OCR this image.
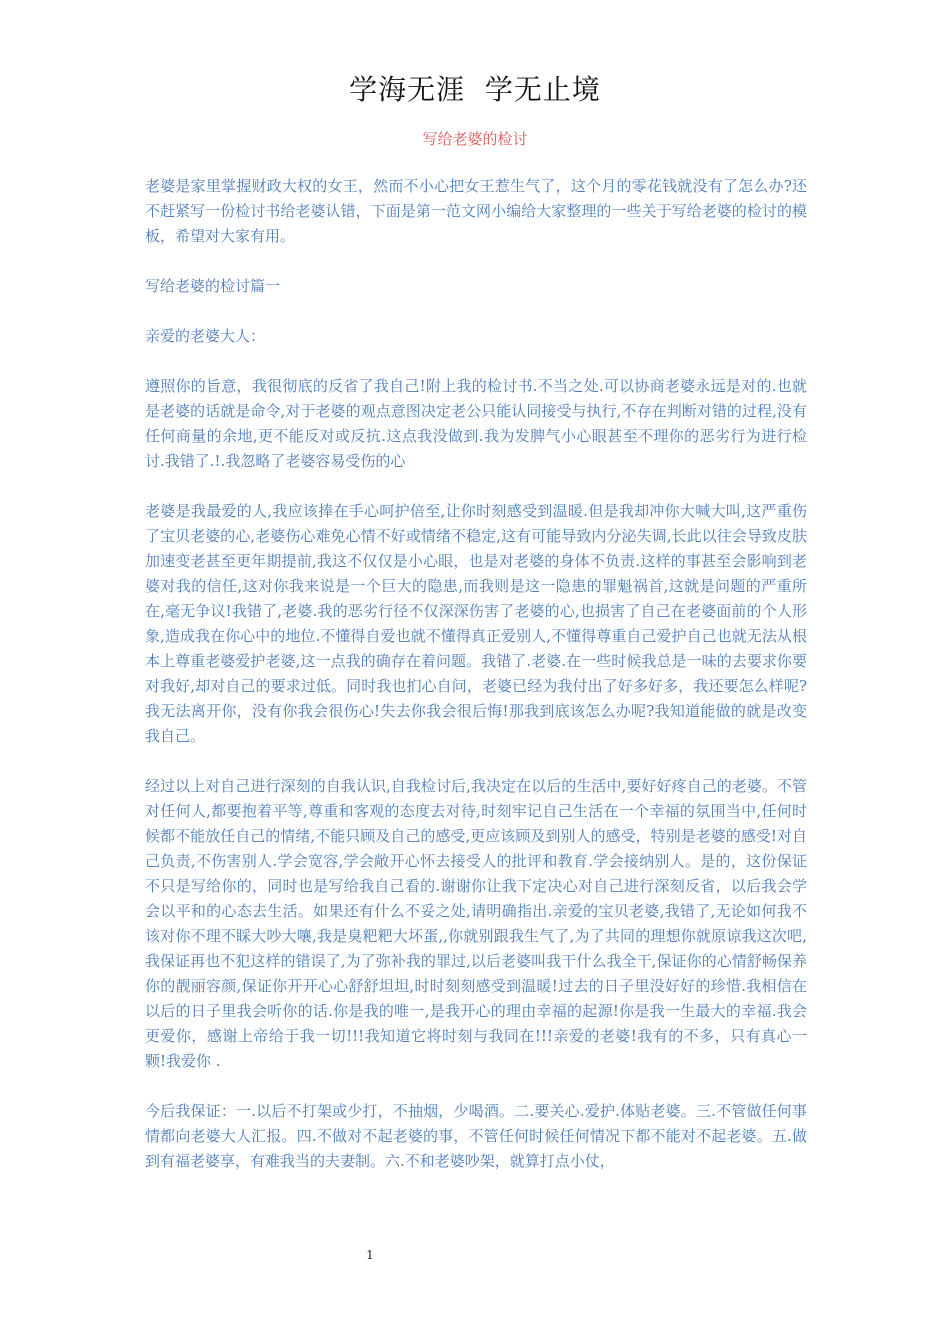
学海无涯  学无止境
写给老婆的检讨

老婆是家里掌握财政大权的女王，然而不小心把女王惹生气了，这个月的零花钱就没有了怎么办?还不赶紧写一份检讨书给老婆认错，下面是第一范文网小编给大家整理的一些关于写给老婆的检讨的模板，希望对大家有用。

写给老婆的检讨篇一

亲爱的老婆大人：

遵照你的旨意，我很彻底的反省了我自己!附上我的检讨书.不当之处.可以协商老婆永远是对的.也就是老婆的话就是命令,对于老婆的观点意图决定老公只能认同接受与执行,不存在判断对错的过程,没有任何商量的余地,更不能反对或反抗.这点我没做到.我为发脾气小心眼甚至不理你的恶劣行为进行检讨.我错了.!.我忽略了老婆容易受伤的心

老婆是我最爱的人,我应该捧在手心呵护倍至,让你时刻感受到温暖.但是我却冲你大喊大叫,这严重伤了宝贝老婆的心,老婆伤心难免心情不好或情绪不稳定,这有可能导致内分泌失调,长此以往会导致皮肤加速变老甚至更年期提前,我这不仅仅是小心眼，也是对老婆的身体不负责.这样的事甚至会影响到老婆对我的信任,这对你我来说是一个巨大的隐患,而我则是这一隐患的罪魁祸首,这就是问题的严重所在,毫无争议!我错了,老婆.我的恶劣行径不仅深深伤害了老婆的心,也损害了自己在老婆面前的个人形象,造成我在你心中的地位.不懂得自爱也就不懂得真正爱别人,不懂得尊重自己爱护自己也就无法从根本上尊重老婆爱护老婆,这一点我的确存在着问题。我错了.老婆.在一些时候我总是一味的去要求你要对我好,却对自己的要求过低。同时我也扪心自问，老婆已经为我付出了好多好多，我还要怎么样呢?我无法离开你，没有你我会很伤心!失去你我会很后悔!那我到底该怎么办呢?我知道能做的就是改变我自己。

经过以上对自己进行深刻的自我认识,自我检讨后,我决定在以后的生活中,要好好疼自己的老婆。不管对任何人,都要抱着平等,尊重和客观的态度去对待,时刻牢记自己生活在一个幸福的氛围当中,任何时候都不能放任自己的情绪,不能只顾及自己的感受,更应该顾及到别人的感受，特别是老婆的感受!对自己负责,不伤害别人.学会宽容,学会敞开心怀去接受人的批评和教育.学会接纳别人。是的，这份保证不只是写给你的，同时也是写给我自己看的.谢谢你让我下定决心对自己进行深刻反省，以后我会学会以平和的心态去生活。如果还有什么不妥之处,请明确指出.亲爱的宝贝老婆,我错了,无论如何我不该对你不理不睬大吵大嚷,我是臭粑粑大坏蛋,,你就别跟我生气了,为了共同的理想你就原谅我这次吧,我保证再也不犯这样的错误了,为了弥补我的罪过,以后老婆叫我干什么我全干,保证你的心情舒畅保养你的靓丽容颜,保证你开开心心舒舒坦坦,时时刻刻感受到温暖!过去的日子里没好好的珍惜.我相信在以后的日子里我会听你的话.你是我的唯一,是我开心的理由幸福的起源!你是我一生最大的幸福.我会更爱你，感谢上帝给于我一切!!!我知道它将时刻与我同在!!!亲爱的老婆!我有的不多，只有真心一颗!我爱你 .

今后我保证：一.以后不打架或少打，不抽烟，少喝酒。二.要关心.爱护.体贴老婆。三.不管做任何事情都向老婆大人汇报。四.不做对不起老婆的事，不管任何时候任何情况下都不能对不起老婆。五.做到有福老婆享，有难我当的夫妻制。六.不和老婆吵架，就算打点小仗，

1
